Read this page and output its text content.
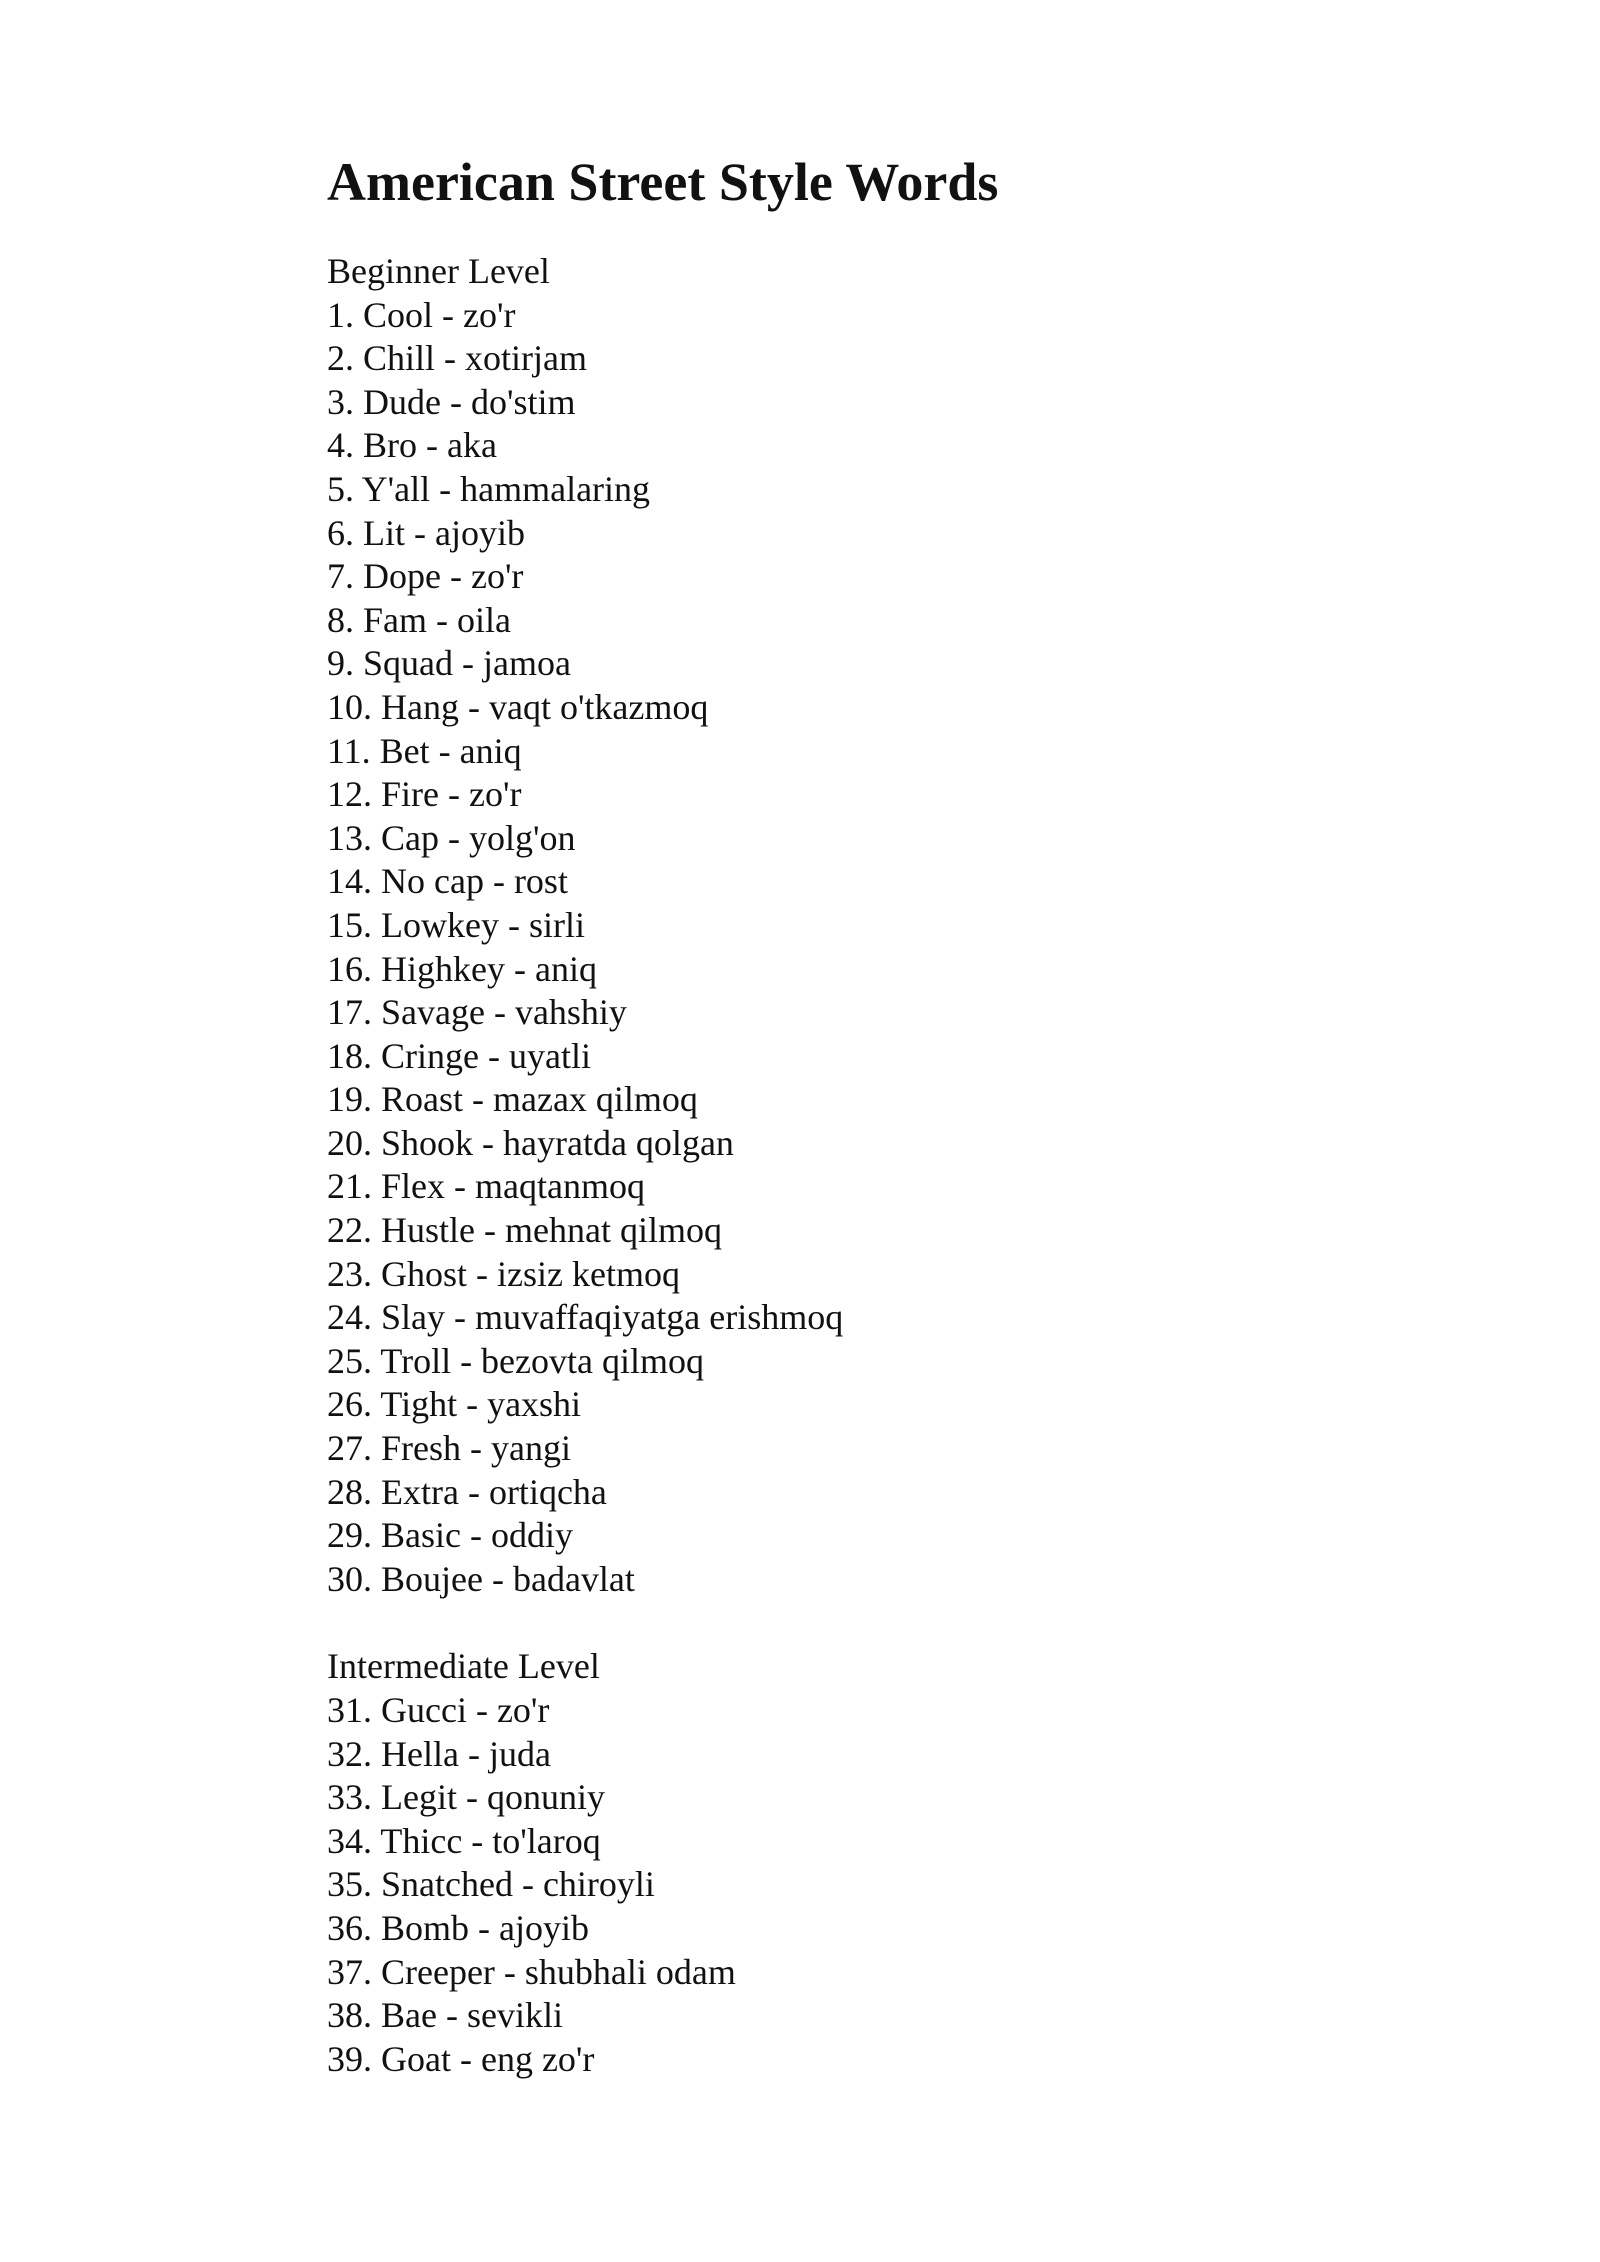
American Street Style Words
Beginner Level
1. Cool - zo'r
2. Chill - xotirjam
3. Dude - do'stim
4. Bro - aka
5. Y'all - hammalaring
6. Lit - ajoyib
7. Dope - zo'r
8. Fam - oila
9. Squad - jamoa
10. Hang - vaqt o'tkazmoq
11. Bet - aniq
12. Fire - zo'r
13. Cap - yolg'on
14. No cap - rost
15. Lowkey - sirli
16. Highkey - aniq
17. Savage - vahshiy
18. Cringe - uyatli
19. Roast - mazax qilmoq
20. Shook - hayratda qolgan
21. Flex - maqtanmoq
22. Hustle - mehnat qilmoq
23. Ghost - izsiz ketmoq
24. Slay - muvaffaqiyatga erishmoq
25. Troll - bezovta qilmoq
26. Tight - yaxshi
27. Fresh - yangi
28. Extra - ortiqcha
29. Basic - oddiy
30. Boujee - badavlat
Intermediate Level
31. Gucci - zo'r
32. Hella - juda
33. Legit - qonuniy
34. Thicc - to'laroq
35. Snatched - chiroyli
36. Bomb - ajoyib
37. Creeper - shubhali odam
38. Bae - sevikli
39. Goat - eng zo'r
